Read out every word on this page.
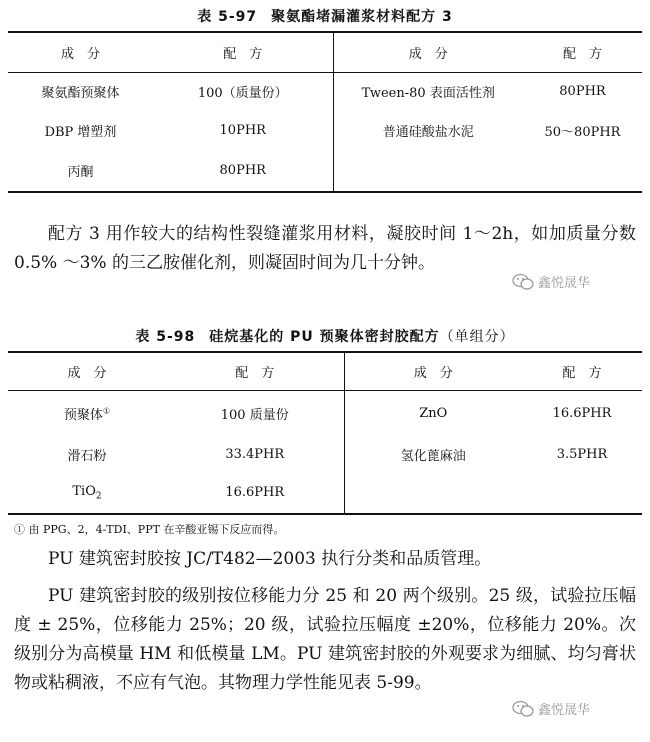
表 5-97 聚氨酯堵漏灌浆材料配方 3
成　分	配　方	成　分	配　方
聚氨酯预聚体	100（质量份）	Tween-80 表面活性剂	80PHR
DBP 增塑剂	10PHR	普通硅酸盐水泥	50～80PHR
丙酮	80PHR		

配方 3 用作较大的结构性裂缝灌浆用材料，凝胶时间 1～2h，如加质量分数 0.5% ～3% 的三乙胺催化剂，则凝固时间为几十分钟。

表 5-98 硅烷基化的 PU 预聚体密封胶配方（单组分）
成　分	配　方	成　分	配　方
预聚体①	100 质量份	ZnO	16.6PHR
滑石粉	33.4PHR	氢化蓖麻油	3.5PHR
TiO$_2$	16.6PHR		
① 由 PPG、2，4-TDI、PPT 在辛酸亚锡下反应而得。

PU 建筑密封胶按 JC/T482—2003 执行分类和品质管理。

PU 建筑密封胶的级别按位移能力分 25 和 20 两个级别。25 级，试验拉压幅度 ± 25%，位移能力 25%；20 级，试验拉压幅度 ±20%，位移能力 20%。次级别分为高模量 HM 和低模量 LM。PU 建筑密封胶的外观要求为细腻、均匀膏状物或粘稠液，不应有气泡。其物理力学性能见表 5-99。

鑫悦晟华
鑫悦晟华
